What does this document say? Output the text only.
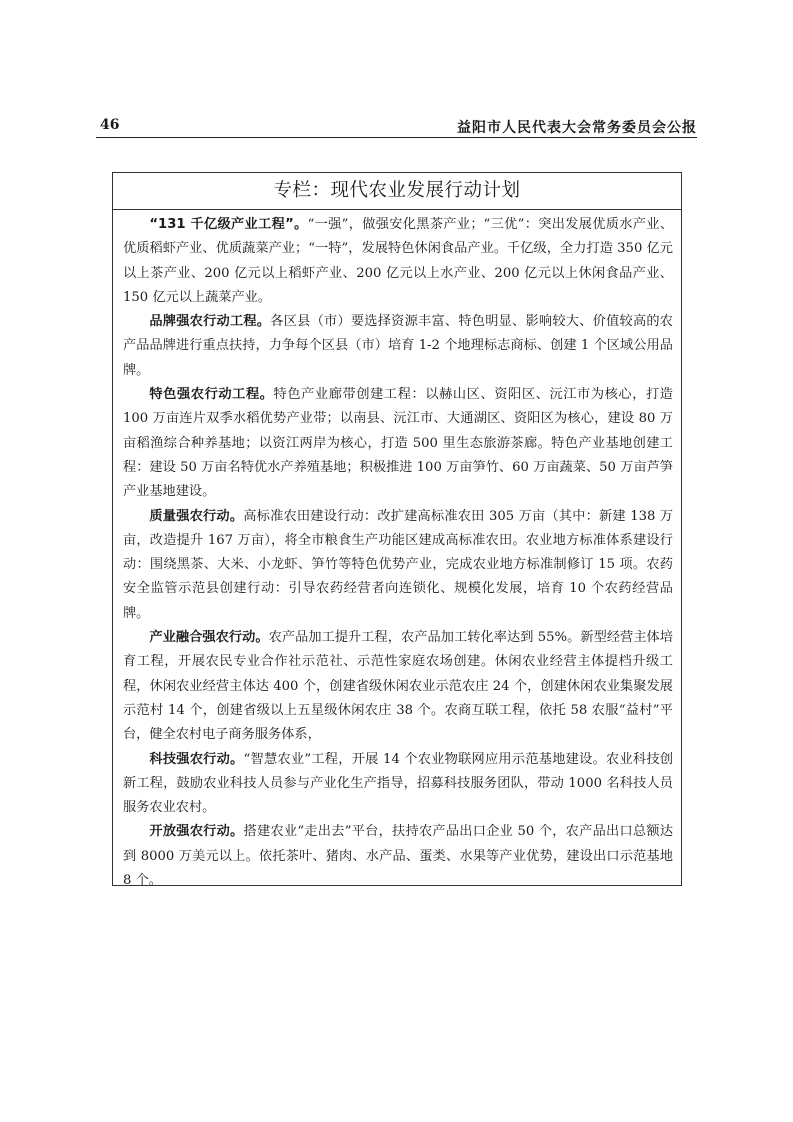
46	益阳市人民代表大会常务委员会公报
专栏：现代农业发展行动计划

“131 千亿级产业工程”。“一强”，做强安化黑茶产业；“三优”：突出发展优质水产业、优质稻虾产业、优质蔬菜产业；“一特”，发展特色休闲食品产业。千亿级，全力打造 350 亿元以上茶产业、200 亿元以上稻虾产业、200 亿元以上水产业、200 亿元以上休闲食品产业、150 亿元以上蔬菜产业。

品牌强农行动工程。各区县（市）要选择资源丰富、特色明显、影响较大、价值较高的农产品品牌进行重点扶持，力争每个区县（市）培育 1-2 个地理标志商标、创建 1 个区域公用品牌。

特色强农行动工程。特色产业廊带创建工程：以赫山区、资阳区、沅江市为核心，打造 100 万亩连片双季水稻优势产业带；以南县、沅江市、大通湖区、资阳区为核心，建设 80 万亩稻渔综合种养基地；以资江两岸为核心，打造 500 里生态旅游茶廊。特色产业基地创建工程：建设 50 万亩名特优水产养殖基地；积极推进 100 万亩笋竹、60 万亩蔬菜、50 万亩芦笋产业基地建设。

质量强农行动。高标准农田建设行动：改扩建高标准农田 305 万亩（其中：新建 138 万亩，改造提升 167 万亩），将全市粮食生产功能区建成高标准农田。农业地方标准体系建设行动：围绕黑茶、大米、小龙虾、笋竹等特色优势产业，完成农业地方标准制修订 15 项。农药安全监管示范县创建行动：引导农药经营者向连锁化、规模化发展，培育 10 个农药经营品牌。

产业融合强农行动。农产品加工提升工程，农产品加工转化率达到 55%。新型经营主体培育工程，开展农民专业合作社示范社、示范性家庭农场创建。休闲农业经营主体提档升级工程，休闲农业经营主体达 400 个，创建省级休闲农业示范农庄 24 个，创建休闲农业集聚发展示范村 14 个，创建省级以上五星级休闲农庄 38 个。农商互联工程，依托 58 农服“益村”平台，健全农村电子商务服务体系，

科技强农行动。“智慧农业”工程，开展 14 个农业物联网应用示范基地建设。农业科技创新工程，鼓励农业科技人员参与产业化生产指导，招募科技服务团队，带动 1000 名科技人员服务农业农村。

开放强农行动。搭建农业“走出去”平台，扶持农产品出口企业 50 个，农产品出口总额达到 8000 万美元以上。依托茶叶、猪肉、水产品、蛋类、水果等产业优势，建设出口示范基地 8 个。
